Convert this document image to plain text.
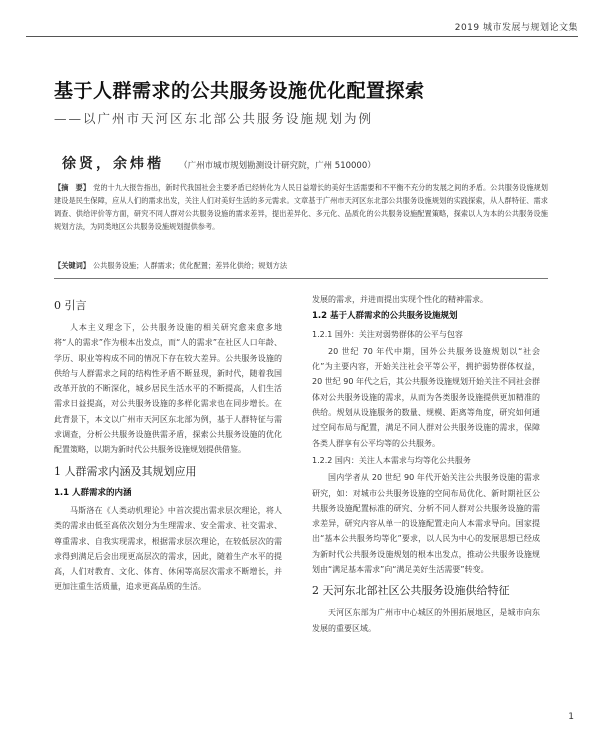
2019 城市发展与规划论文集
基于人群需求的公共服务设施优化配置探索
——以广州市天河区东北部公共服务设施规划为例
徐贤，余炜楷 （广州市城市规划勘测设计研究院，广州 510000）
【摘　要】 党的十九大报告指出，新时代我国社会主要矛盾已经转化为人民日益增长的美好生活需要和不平衡不充分的发展之间的矛盾。公共服务设施规划建设是民生保障，应从人们的需求出发，关注人们对美好生活的多元需求。文章基于广州市天河区东北部公共服务设施规划的实践探索，从人群特征、需求调查、供给评价等方面，研究不同人群对公共服务设施的需求差异，提出差异化、多元化、品质化的公共服务设施配置策略，探索以人为本的公共服务设施规划方法，为同类地区公共服务设施规划提供参考。
【关键词】 公共服务设施；人群需求；优化配置；差异化供给；规划方法
0 引言

人本主义理念下，公共服务设施的相关研究愈来愈多地将“人的需求”作为根本出发点，而“人的需求”在社区人口年龄、学历、职业等构成不同的情况下存在较大差异。公共服务设施的供给与人群需求之间的结构性矛盾不断显现，新时代，随着我国改革开放的不断深化，城乡居民生活水平的不断提高，人们生活需求日益提高，对公共服务设施的多样化需求也在同步增长。在此背景下，本文以广州市天河区东北部为例，基于人群特征与需求调查，分析公共服务设施供需矛盾，探索公共服务设施的优化配置策略，以期为新时代公共服务设施规划提供借鉴。

1 人群需求内涵及其规划应用
1.1 人群需求的内涵

马斯洛在《人类动机理论》中首次提出需求层次理论，将人类的需求由低至高依次划分为生理需求、安全需求、社交需求、尊重需求、自我实现需求，根据需求层次理论，在较低层次的需求得到满足后会出现更高层次的需求，因此，随着生产水平的提高，人们对教育、文化、体育、休闲等高层次需求不断增长，并更加注重生活质量，追求更高品质的生活。

发展的需求，并进而提出实现个性化的精神需求。

1.2 基于人群需求的公共服务设施规划
1.2.1 国外：关注对弱势群体的公平与包容

20 世纪 70 年代中期，国外公共服务设施规划以“社会化”为主要内容，开始关注社会平等公平，拥护弱势群体权益，20 世纪 90 年代之后，其公共服务设施规划开始关注不同社会群体对公共服务设施的需求，从而为各类服务设施提供更加精准的供给。规划从设施服务的数量、规模、距离等角度，研究如何通过空间布局与配置，满足不同人群对公共服务设施的需求，保障各类人群享有公平均等的公共服务。

1.2.2 国内：关注人本需求与均等化公共服务

国内学者从 20 世纪 90 年代开始关注公共服务设施的需求研究，如：对城市公共服务设施的空间布局优化、新时期社区公共服务设施配置标准的研究、分析不同人群对公共服务设施的需求差异，研究内容从单一的设施配置走向人本需求导向。国家提出“基本公共服务均等化”要求，以人民为中心的发展思想已经成为新时代公共服务设施规划的根本出发点，推动公共服务设施规划由“满足基本需求”向“满足美好生活需要”转变。

2 天河东北部社区公共服务设施供给特征

天河区东部为广州市中心城区的外围拓展地区，是城市向东发展的重要区域。

1
